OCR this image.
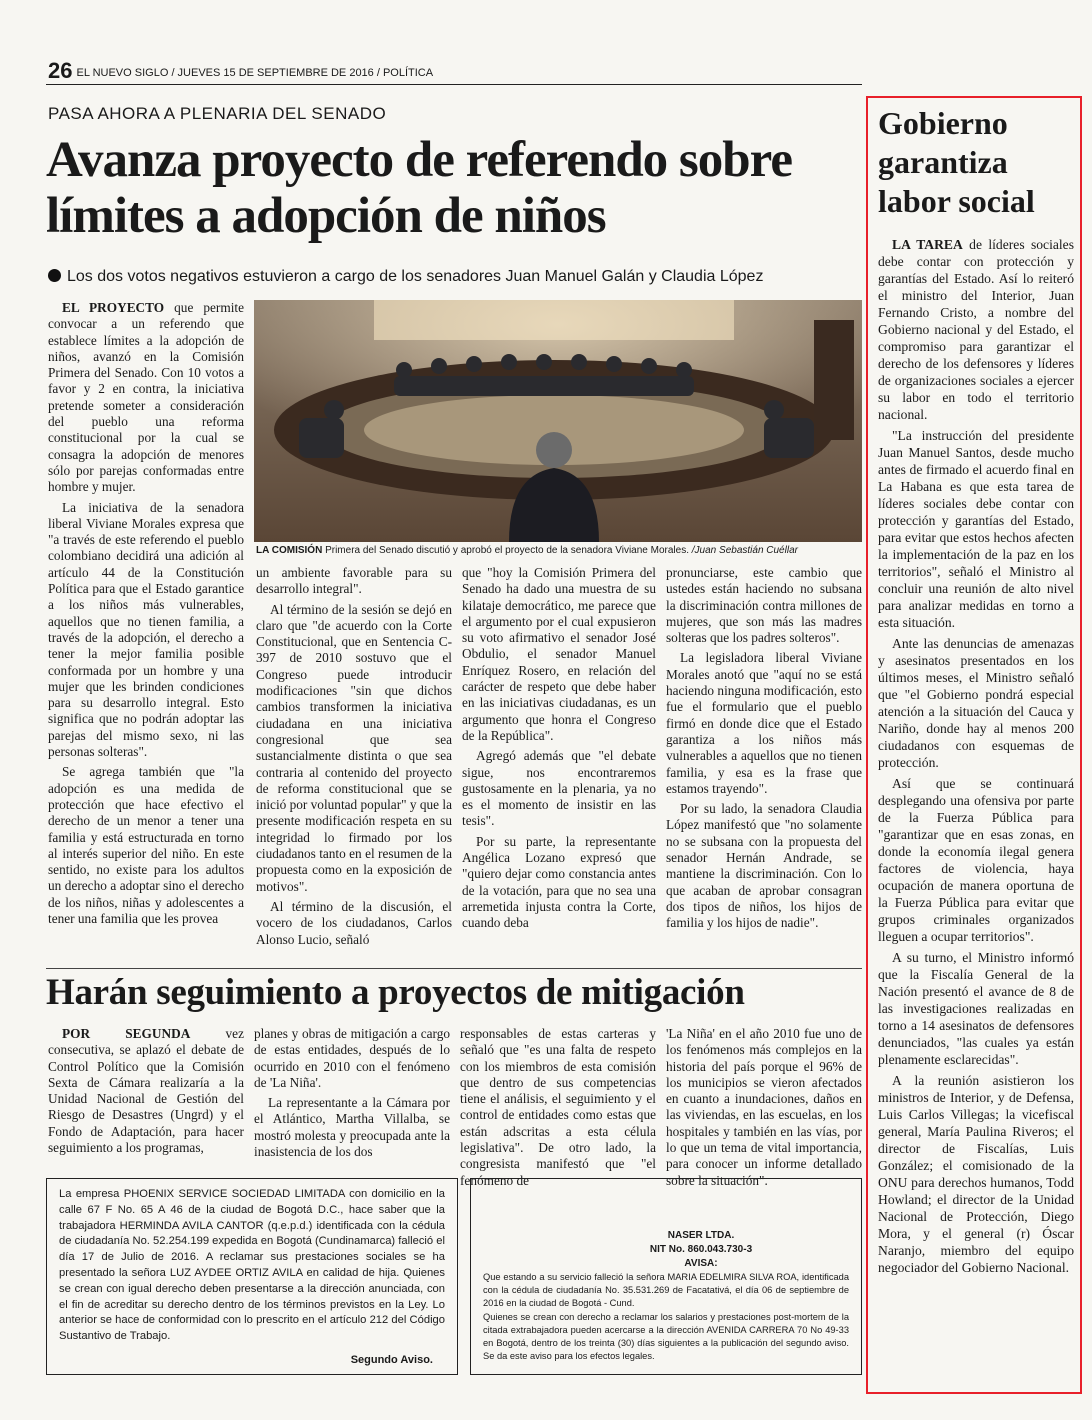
26 EL NUEVO SIGLO / JUEVES 15 DE SEPTIEMBRE DE 2016 / POLÍTICA
PASA AHORA A PLENARIA DEL SENADO
Avanza proyecto de referendo sobre límites a adopción de niños
Los dos votos negativos estuvieron a cargo de los senadores Juan Manuel Galán y Claudia López

EL PROYECTO que permite convocar a un referendo que establece límites a la adopción de niños, avanzó en la Comisión Primera del Senado. Con 10 votos a favor y 2 en contra, la iniciativa pretende someter a consideración del pueblo una reforma constitucional por la cual se consagra la adopción de menores sólo por parejas conformadas entre hombre y mujer.

La iniciativa de la senadora liberal Viviane Morales expresa que "a través de este referendo el pueblo colombiano decidirá una adición al artículo 44 de la Constitución Política para que el Estado garantice a los niños más vulnerables, aquellos que no tienen familia, a través de la adopción, el derecho a tener la mejor familia posible conformada por un hombre y una mujer que les brinden condiciones para su desarrollo integral. Esto significa que no podrán adoptar las parejas del mismo sexo, ni las personas solteras".

Se agrega también que "la adopción es una medida de protección que hace efectivo el derecho de un menor a tener una familia y está estructurada en torno al interés superior del niño. En este sentido, no existe para los adultos un derecho a adoptar sino el derecho de los niños, niñas y adolescentes a tener una familia que les provea

LA COMISIÓN Primera del Senado discutió y aprobó el proyecto de la senadora Viviane Morales. /Juan Sebastián Cuéllar

un ambiente favorable para su desarrollo integral".

Al término de la sesión se dejó en claro que "de acuerdo con la Corte Constitucional, que en Sentencia C-397 de 2010 sostuvo que el Congreso puede introducir modificaciones "sin que dichos cambios transformen la iniciativa ciudadana en una iniciativa congresional que sea sustancialmente distinta o que sea contraria al contenido del proyecto de reforma constitucional que se inició por voluntad popular" y que la presente modificación respeta en su integridad lo firmado por los ciudadanos tanto en el resumen de la propuesta como en la exposición de motivos".

Al término de la discusión, el vocero de los ciudadanos, Carlos Alonso Lucio, señaló

que "hoy la Comisión Primera del Senado ha dado una muestra de su kilataje democrático, me parece que el argumento por el cual expusieron su voto afirmativo el senador José Obdulio, el senador Manuel Enríquez Rosero, en relación del carácter de respeto que debe haber en las iniciativas ciudadanas, es un argumento que honra el Congreso de la República".

Agregó además que "el debate sigue, nos encontraremos gustosamente en la plenaria, ya no es el momento de insistir en las tesis".

Por su parte, la representante Angélica Lozano expresó que "quiero dejar como constancia antes de la votación, para que no sea una arremetida injusta contra la Corte, cuando deba

pronunciarse, este cambio que ustedes están haciendo no subsana la discriminación contra millones de mujeres, que son más las madres solteras que los padres solteros".

La legisladora liberal Viviane Morales anotó que "aquí no se está haciendo ninguna modificación, esto fue el formulario que el pueblo firmó en donde dice que el Estado garantiza a los niños más vulnerables a aquellos que no tienen familia, y esa es la frase que estamos trayendo".

Por su lado, la senadora Claudia López manifestó que "no solamente no se subsana con la propuesta del senador Hernán Andrade, se mantiene la discriminación. Con lo que acaban de aprobar consagran dos tipos de niños, los hijos de familia y los hijos de nadie".

Harán seguimiento a proyectos de mitigación

POR SEGUNDA vez consecutiva, se aplazó el debate de Control Político que la Comisión Sexta de Cámara realizaría a la Unidad Nacional de Gestión del Riesgo de Desastres (Ungrd) y el Fondo de Adaptación, para hacer seguimiento a los programas,

planes y obras de mitigación a cargo de estas entidades, después de lo ocurrido en 2010 con el fenómeno de 'La Niña'.

La representante a la Cámara por el Atlántico, Martha Villalba, se mostró molesta y preocupada ante la inasistencia de los dos

responsables de estas carteras y señaló que "es una falta de respeto con los miembros de esta comisión que dentro de sus competencias tiene el análisis, el seguimiento y el control de entidades como estas que están adscritas a esta célula legislativa". De otro lado, la congresista manifestó que "el fenómeno de

'La Niña' en el año 2010 fue uno de los fenómenos más complejos en la historia del país porque el 96% de los municipios se vieron afectados en cuanto a inundaciones, daños en las viviendas, en las escuelas, en los hospitales y también en las vías, por lo que un tema de vital importancia, para conocer un informe detallado sobre la situación".

La empresa PHOENIX SERVICE SOCIEDAD LIMITADA con domicilio en la calle 67 F No. 65 A 46 de la ciudad de Bogotá D.C., hace saber que la trabajadora HERMINDA AVILA CANTOR (q.e.p.d.) identificada con la cédula de ciudadanía No. 52.254.199 expedida en Bogotá (Cundinamarca) falleció el día 17 de Julio de 2016. A reclamar sus prestaciones sociales se ha presentado la señora LUZ AYDEE ORTIZ AVILA en calidad de hija. Quienes se crean con igual derecho deben presentarse a la dirección anunciada, con el fin de acreditar su derecho dentro de los términos previstos en la Ley. Lo anterior se hace de conformidad con lo prescrito en el artículo 212 del Código Sustantivo de Trabajo.
Segundo Aviso.
NASER LTDA.
NIT No. 860.043.730-3
AVISA:
Que estando a su servicio falleció la señora MARIA EDELMIRA SILVA ROA, identificada con la cédula de ciudadanía No. 35.531.269 de Facatativá, el día 06 de septiembre de 2016 en la ciudad de Bogotá - Cund.
Quienes se crean con derecho a reclamar los salarios y prestaciones post-mortem de la citada extrabajadora pueden acercarse a la dirección AVENIDA CARRERA 70 No 49-33 en Bogotá, dentro de los treinta (30) días siguientes a la publicación del segundo aviso. Se da este aviso para los efectos legales.
Gobierno garantiza labor social

LA TAREA de líderes sociales debe contar con protección y garantías del Estado. Así lo reiteró el ministro del Interior, Juan Fernando Cristo, a nombre del Gobierno nacional y del Estado, el compromiso para garantizar el derecho de los defensores y líderes de organizaciones sociales a ejercer su labor en todo el territorio nacional.

"La instrucción del presidente Juan Manuel Santos, desde mucho antes de firmado el acuerdo final en La Habana es que esta tarea de líderes sociales debe contar con protección y garantías del Estado, para evitar que estos hechos afecten la implementación de la paz en los territorios", señaló el Ministro al concluir una reunión de alto nivel para analizar medidas en torno a esta situación.

Ante las denuncias de amenazas y asesinatos presentados en los últimos meses, el Ministro señaló que "el Gobierno pondrá especial atención a la situación del Cauca y Nariño, donde hay al menos 200 ciudadanos con esquemas de protección.

Así que se continuará desplegando una ofensiva por parte de la Fuerza Pública para "garantizar que en esas zonas, en donde la economía ilegal genera factores de violencia, haya ocupación de manera oportuna de la Fuerza Pública para evitar que grupos criminales organizados lleguen a ocupar territorios".

A su turno, el Ministro informó que la Fiscalía General de la Nación presentó el avance de 8 de las investigaciones realizadas en torno a 14 asesinatos de defensores denunciados, "las cuales ya están plenamente esclarecidas".

A la reunión asistieron los ministros de Interior, y de Defensa, Luis Carlos Villegas; la vicefiscal general, María Paulina Riveros; el director de Fiscalías, Luis González; el comisionado de la ONU para derechos humanos, Todd Howland; el director de la Unidad Nacional de Protección, Diego Mora, y el general (r) Óscar Naranjo, miembro del equipo negociador del Gobierno Nacional.
